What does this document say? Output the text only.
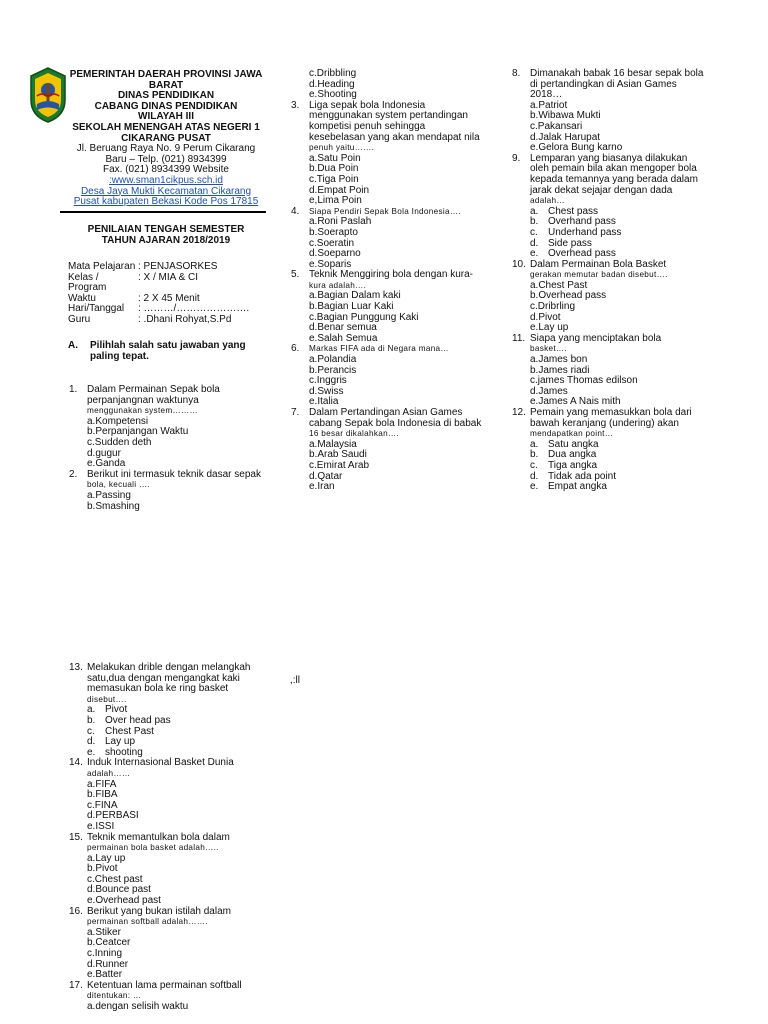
PEMERINTAH DAERAH PROVINSI JAWA
BARAT
DINAS PENDIDIKAN
CABANG DINAS PENDIDIKAN
WILAYAH III
SEKOLAH MENENGAH ATAS NEGERI 1
CIKARANG PUSAT
Jl. Beruang Raya No. 9 Perum Cikarang
Baru – Telp. (021) 8934399
Fax. (021) 8934399 Website
:www.sman1cikpus.sch.id
Desa Jaya Mukti Kecamatan Cikarang
Pusat kabupaten Bekasi Kode Pos 17815
PENILAIAN TENGAH SEMESTER
TAHUN AJARAN 2018/2019
Mata Pelajaran : PENJASORKES
Kelas / Program
: X / MIA & CI
Waktu	: 2 X 45 Menit
Hari/Tanggal	: ………/………………….
Guru	: .Dhani Rohyat,S.Pd
A. Pilihlah salah satu jawaban yang
paling tepat.
1. Dalam Permainan Sepak bola
perpanjangnan waktunya
menggunakan system………
a.Kompetensi
b.Perpanjangan Waktu
c.Sudden deth
d.gugur
e.Ganda
2. Berikut ini termasuk teknik dasar sepak
bola, kecuali ….
a.Passing
b.Smashing
c.Dribbling
d.Heading
e.Shooting
3. Liga sepak bola Indonesia
menggunakan system pertandingan
kompetisi penuh sehingga
kesebelasan yang akan mendapat nila
penuh yaitu…….
a.Satu Poin
b.Dua Poin
c.Tiga Poin
d.Empat Poin
e,Lima Poin
4. Siapa Pendiri Sepak Bola Indonesia….
a.Roni Paslah
b.Soerapto
c.Soeratin
d.Soeparno
e.Soparis
5. Teknik Menggiring bola dengan kura-
kura adalah….
a.Bagian Dalam kaki
b.Bagian Luar Kaki
c.Bagian Punggung Kaki
d.Benar semua
e.Salah Semua
6. Markas FIFA ada di Negara mana…
a.Polandia
b.Perancis
c.Inggris
d.Swiss
e.Italia
7. Dalam Pertandingan Asian Games
cabang Sepak bola Indonesia di babak
16 besar dikalahkan….
a.Malaysia
b.Arab Saudi
c.Emirat Arab
d.Qatar
e.Iran
8. Dimanakah babak 16 besar sepak bola
di pertandingkan di Asian Games
2018…
a.Patriot
b.Wibawa Mukti
c.Pakansari
d.Jalak Harupat
e.Gelora Bung karno
9. Lemparan yang biasanya dilakukan
oleh pemain bila akan mengoper bola
kepada temannya yang berada dalam
jarak dekat sejajar dengan dada
adalah…
a. Chest pass
b. Overhand pass
c.	Underhand pass
d. Side pass
e. Overhead pass
10. Dalam Permainan Bola Basket
gerakan memutar badan disebut….
a.Chest Past
b.Overhead pass
c.Dribrling
d.Pivot
e.Lay up
11. Siapa yang menciptakan bola
basket….
a.James bon
b.James riadi
c.james Thomas edilson
d.James
e.James A Nais mith
12. Pemain yang memasukkan bola dari
bawah keranjang (undering) akan
mendapatkan point…
a. Satu angka
b. Dua angka
c.	Tiga angka
d. Tidak ada point
e. Empat angka
13. Melakukan drible dengan melangkah
satu,dua dengan mengangkat kaki
memasukan bola ke ring basket
disebut….
a. Pivot
b. Over head pas
c.	Chest Past
d. Lay up
e. shooting
14. Induk Internasional Basket Dunia
adalah……
a.FIFA
b.FIBA
c.FINA
d.PERBASI
e.ISSI
15. Teknik memantulkan bola dalam
permainan bola basket adalah…..
a.Lay up
b.Pivot
c.Chest past
d.Bounce past
e.Overhead past
16. Berikut yang bukan istilah dalam
permainan softball adalah…….
a.Stiker
b.Ceatcer
c.Inning
d.Runner
e.Batter
17. Ketentuan lama permainan softball
ditentukan: …
a.dengan selisih waktu
,:ll
